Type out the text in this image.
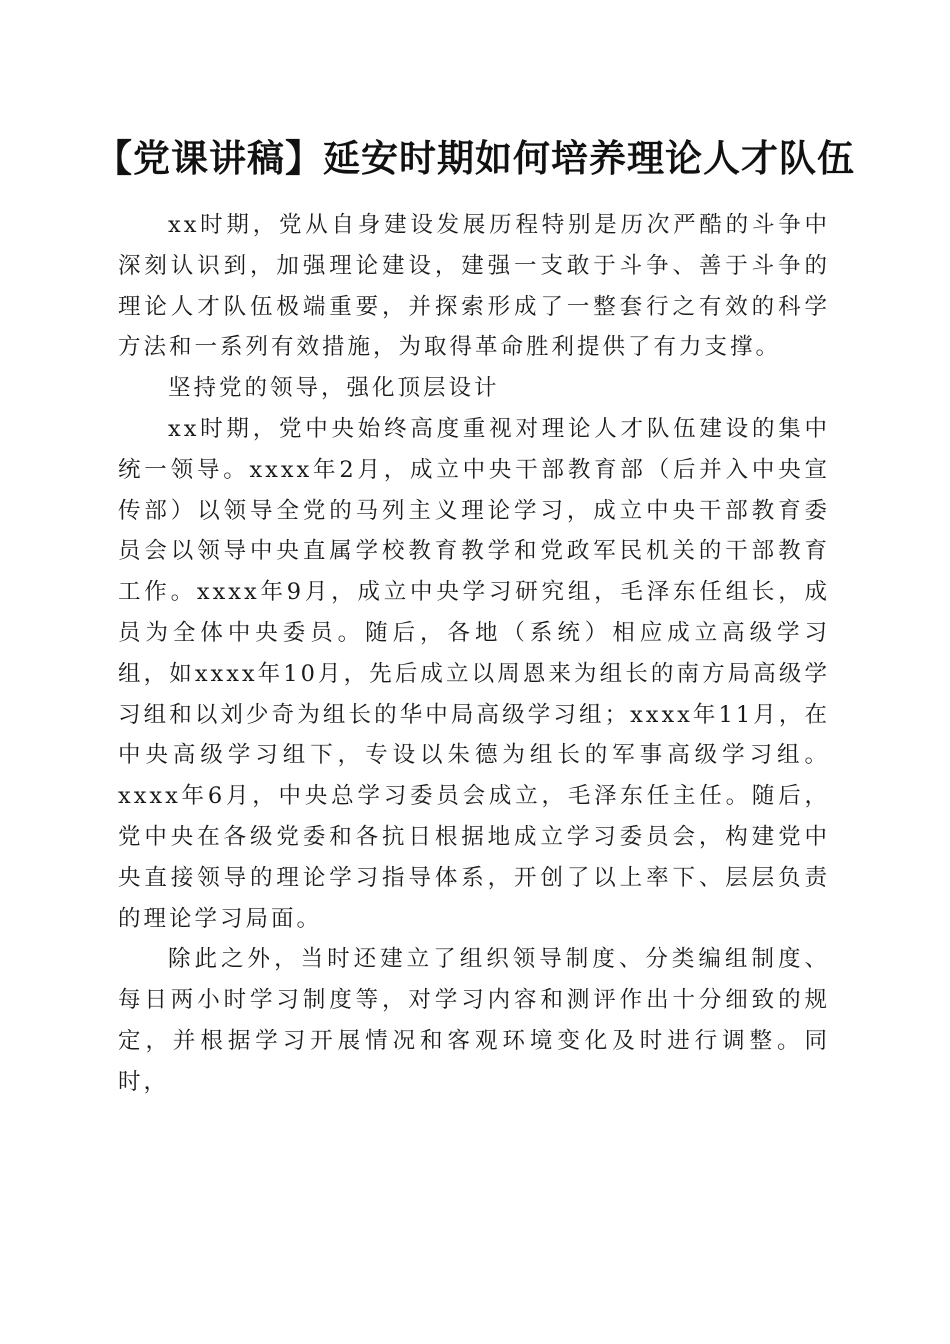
【党课讲稿】延安时期如何培养理论人才队伍

xx时期，党从自身建设发展历程特别是历次严酷的斗争中深刻认识到，加强理论建设，建强一支敢于斗争、善于斗争的理论人才队伍极端重要，并探索形成了一整套行之有效的科学方法和一系列有效措施，为取得革命胜利提供了有力支撑。

坚持党的领导，强化顶层设计

xx时期，党中央始终高度重视对理论人才队伍建设的集中统一领导。xxxx年2月，成立中央干部教育部（后并入中央宣传部）以领导全党的马列主义理论学习，成立中央干部教育委员会以领导中央直属学校教育教学和党政军民机关的干部教育工作。xxxx年9月，成立中央学习研究组，毛泽东任组长，成员为全体中央委员。随后，各地（系统）相应成立高级学习组，如xxxx年10月，先后成立以周恩来为组长的南方局高级学习组和以刘少奇为组长的华中局高级学习组；xxxx年11月，在中央高级学习组下，专设以朱德为组长的军事高级学习组。xxxx年6月，中央总学习委员会成立，毛泽东任主任。随后，党中央在各级党委和各抗日根据地成立学习委员会，构建党中央直接领导的理论学习指导体系，开创了以上率下、层层负责的理论学习局面。

除此之外，当时还建立了组织领导制度、分类编组制度、每日两小时学习制度等，对学习内容和测评作出十分细致的规定，并根据学习开展情况和客观环境变化及时进行调整。同时，
